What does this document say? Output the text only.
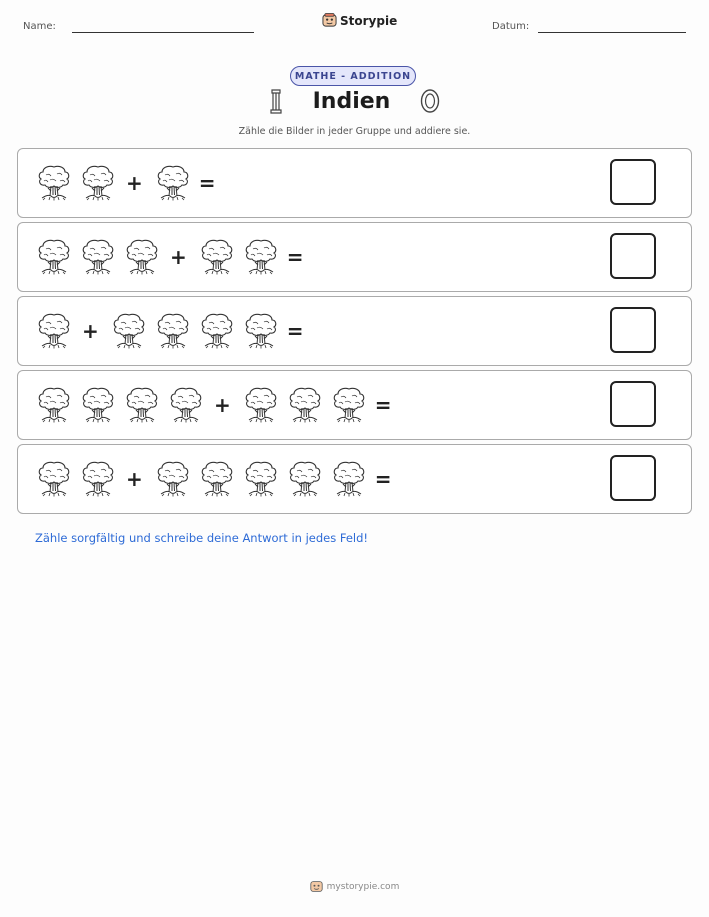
Name:	Storypie	Datum:
MATHE - ADDITION
Indien
Zähle die Bilder in jeder Gruppe und addiere sie.
+	=
+	=
+	=
+	=
+	=
Zähle sorgfältig und schreibe deine Antwort in jedes Feld!
mystorypie.com
